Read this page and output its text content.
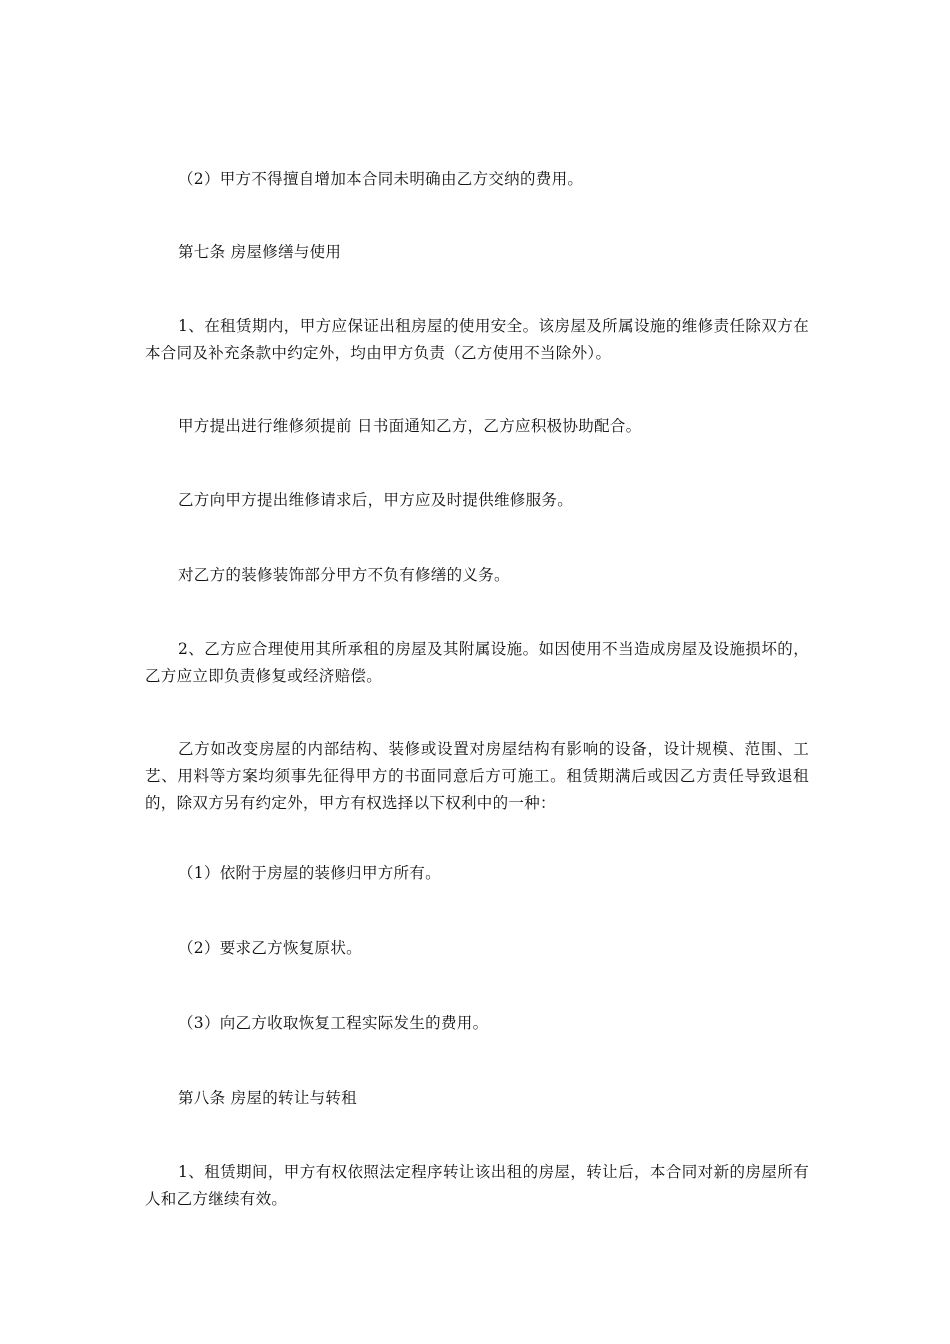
（2）甲方不得擅自增加本合同未明确由乙方交纳的费用。

第七条 房屋修缮与使用

1、在租赁期内，甲方应保证出租房屋的使用安全。该房屋及所属设施的维修责任除双方在本合同及补充条款中约定外，均由甲方负责（乙方使用不当除外）。

甲方提出进行维修须提前 日书面通知乙方，乙方应积极协助配合。

乙方向甲方提出维修请求后，甲方应及时提供维修服务。

对乙方的装修装饰部分甲方不负有修缮的义务。

2、乙方应合理使用其所承租的房屋及其附属设施。如因使用不当造成房屋及设施损坏的，乙方应立即负责修复或经济赔偿。

乙方如改变房屋的内部结构、装修或设置对房屋结构有影响的设备，设计规模、范围、工艺、用料等方案均须事先征得甲方的书面同意后方可施工。租赁期满后或因乙方责任导致退租的，除双方另有约定外，甲方有权选择以下权利中的一种：

（1）依附于房屋的装修归甲方所有。

（2）要求乙方恢复原状。

（3）向乙方收取恢复工程实际发生的费用。

第八条 房屋的转让与转租

1、租赁期间，甲方有权依照法定程序转让该出租的房屋，转让后，本合同对新的房屋所有人和乙方继续有效。
